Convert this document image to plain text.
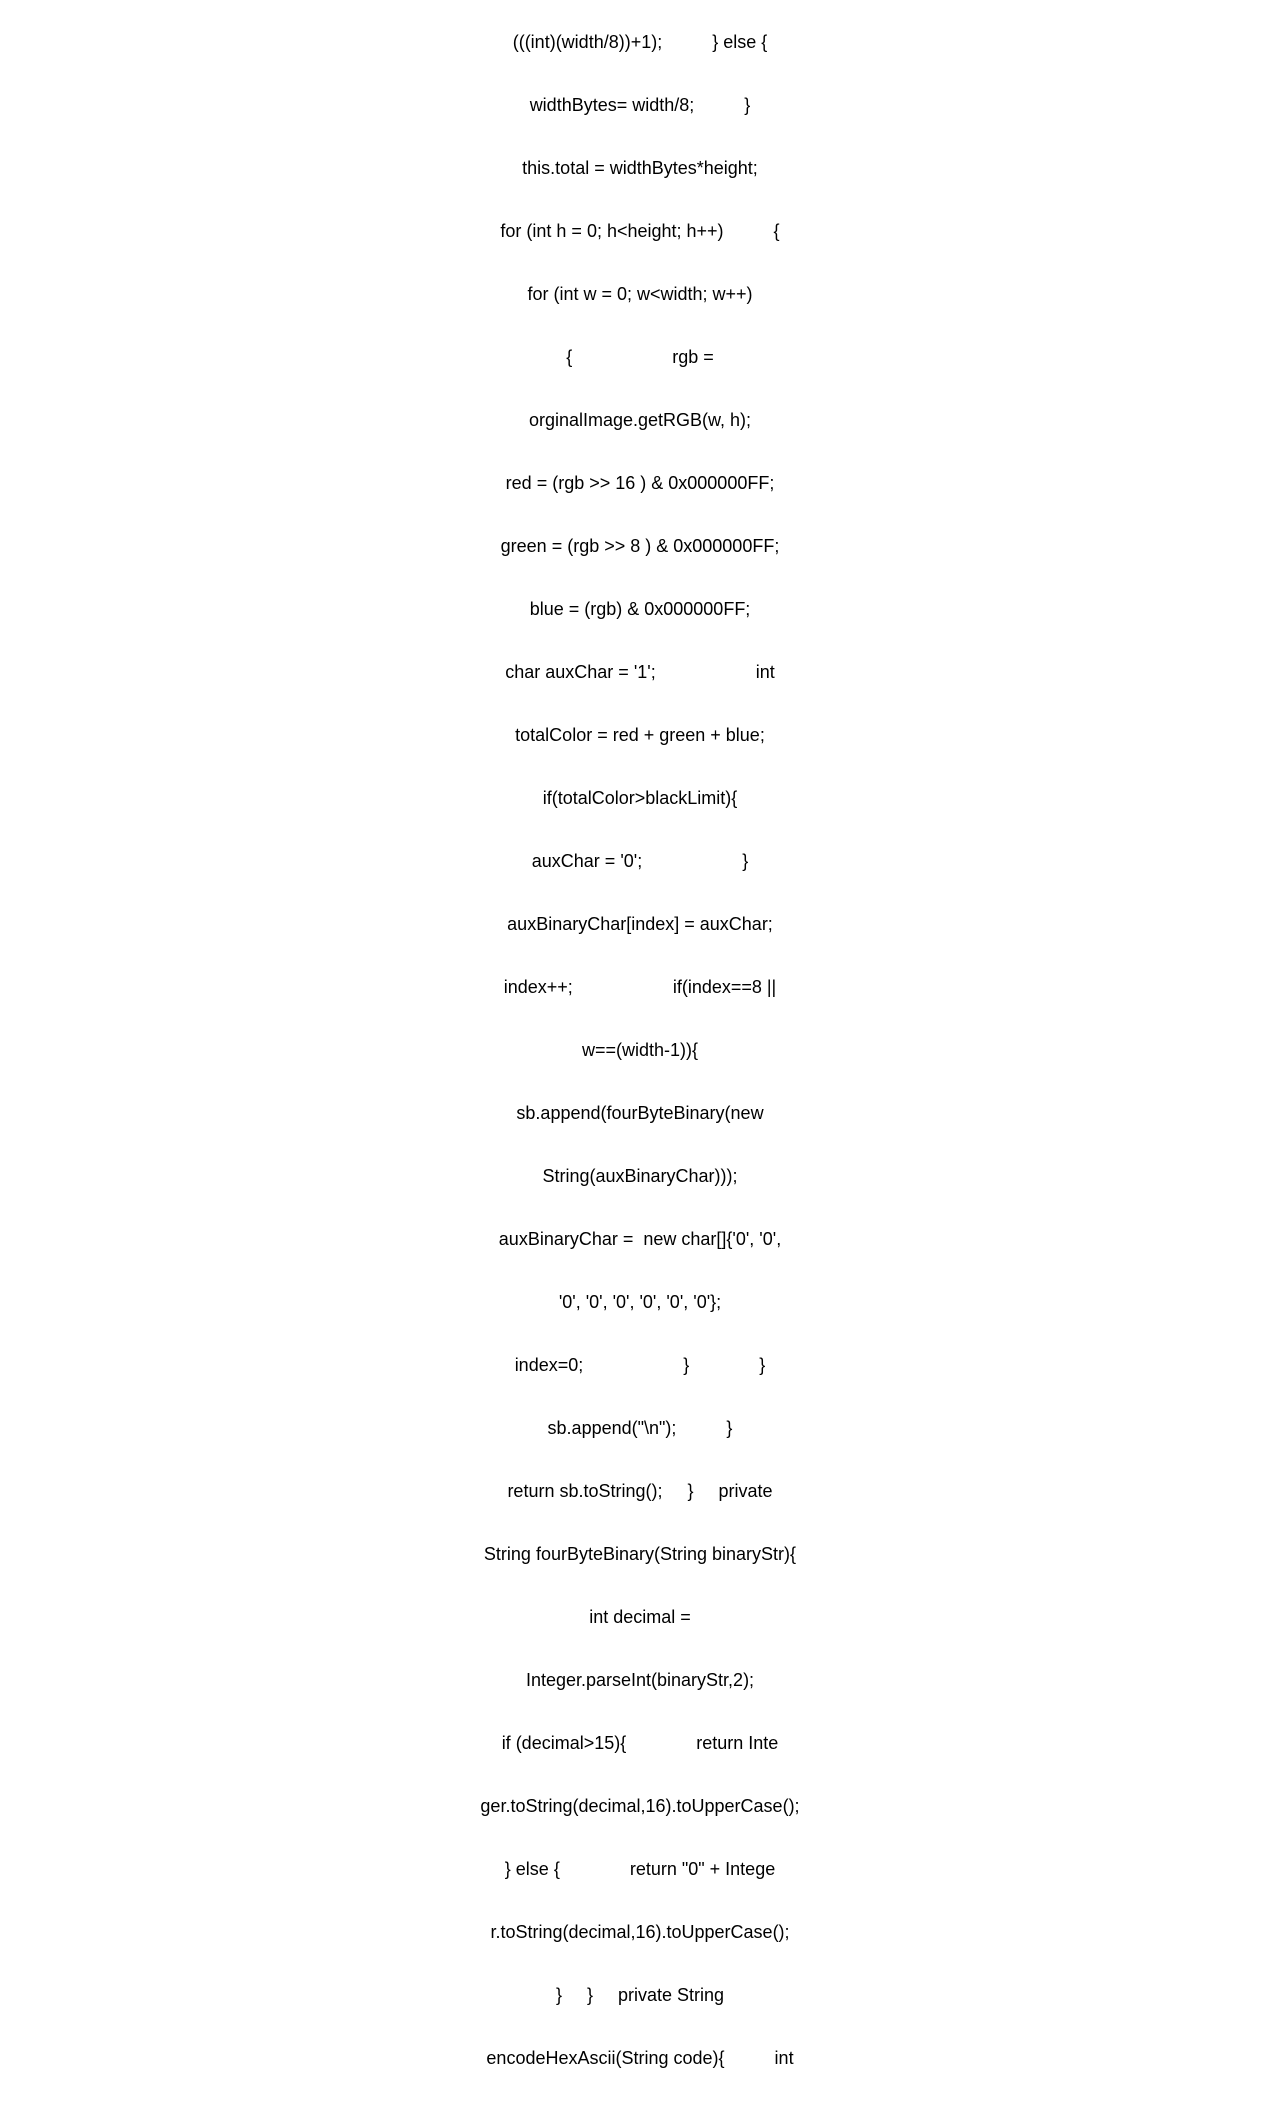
(((int)(width/8))+1);          } else {

widthBytes= width/8;          }

this.total = widthBytes*height;

for (int h = 0; h<height; h++)          {

for (int w = 0; w<width; w++)

{                    rgb =

orginalImage.getRGB(w, h);

red = (rgb >> 16 ) & 0x000000FF;

green = (rgb >> 8 ) & 0x000000FF;

blue = (rgb) & 0x000000FF;

char auxChar = '1';                    int

totalColor = red + green + blue;

if(totalColor>blackLimit){

auxChar = '0';                    }

auxBinaryChar[index] = auxChar;

index++;                    if(index==8 ||

w==(width-1)){

sb.append(fourByteBinary(new

String(auxBinaryChar)));

auxBinaryChar =  new char[]{'0', '0',

'0', '0', '0', '0', '0', '0'};

index=0;                    }              }

sb.append("\n");          }

return sb.toString();     }     private

String fourByteBinary(String binaryStr){

int decimal =

Integer.parseInt(binaryStr,2);

if (decimal>15){              return Inte

ger.toString(decimal,16).toUpperCase();

} else {              return "0" + Intege

r.toString(decimal,16).toUpperCase();

}     }     private String

encodeHexAscii(String code){          int
